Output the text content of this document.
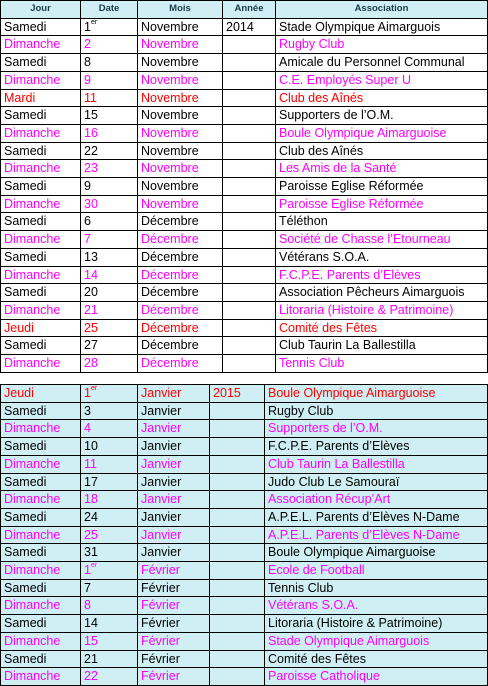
Jour	Date	Mois	Année	Association
Samedi	1er	Novembre	2014	Stade Olympique Aimarguois
Dimanche	2	Novembre		Rugby Club
Samedi	8	Novembre		Amicale du Personnel Communal
Dimanche	9	Novembre		C.E. Employés Super U
Mardi	11	Novembre		Club des Aînés
Samedi	15	Novembre		Supporters de l’O.M.
Dimanche	16	Novembre		Boule Olympique Aimarguoise
Samedi	22	Novembre		Club des Aînés
Dimanche	23	Novembre		Les Amis de la Santé
Samedi	9	Novembre		Paroisse Eglise Réformée
Dimanche	30	Novembre		Paroisse Eglise Réformée
Samedi	6	Décembre		Téléthon
Dimanche	7	Décembre		Société de Chasse l’Etourneau
Samedi	13	Décembre		Vétérans S.O.A.
Dimanche	14	Décembre		F.C.P.E. Parents d’Elèves
Samedi	20	Décembre		Association Pêcheurs Aimarguois
Dimanche	21	Décembre		Litoraria (Histoire & Patrimoine)
Jeudi	25	Décembre		Comité des Fêtes
Samedi	27	Décembre		Club Taurin La Ballestilla
Dimanche	28	Décembre		Tennis Club
Jeudi	1er	Janvier	2015	Boule Olympique Aimarguoise
Samedi	3	Janvier		Rugby Club
Dimanche	4	Janvier		Supporters de l’O.M.
Samedi	10	Janvier		F.C.P.E. Parents d’Elèves
Dimanche	11	Janvier		Club Taurin La Ballestilla
Samedi	17	Janvier		Judo Club Le Samouraï
Dimanche	18	Janvier		Association Récup’Art
Samedi	24	Janvier		A.P.E.L. Parents d’Elèves N-Dame
Dimanche	25	Janvier		A.P.E.L. Parents d’Elèves N-Dame
Samedi	31	Janvier		Boule Olympique Aimarguoise
Dimanche	1er	Février		Ecole de Football
Samedi	7	Février		Tennis Club
Dimanche	8	Février		Vétérans S.O.A.
Samedi	14	Février		Litoraria (Histoire & Patrimoine)
Dimanche	15	Février		Stade Olympique Aimarguois
Samedi	21	Février		Comité des Fêtes
Dimanche	22	Février		Paroisse Catholique
